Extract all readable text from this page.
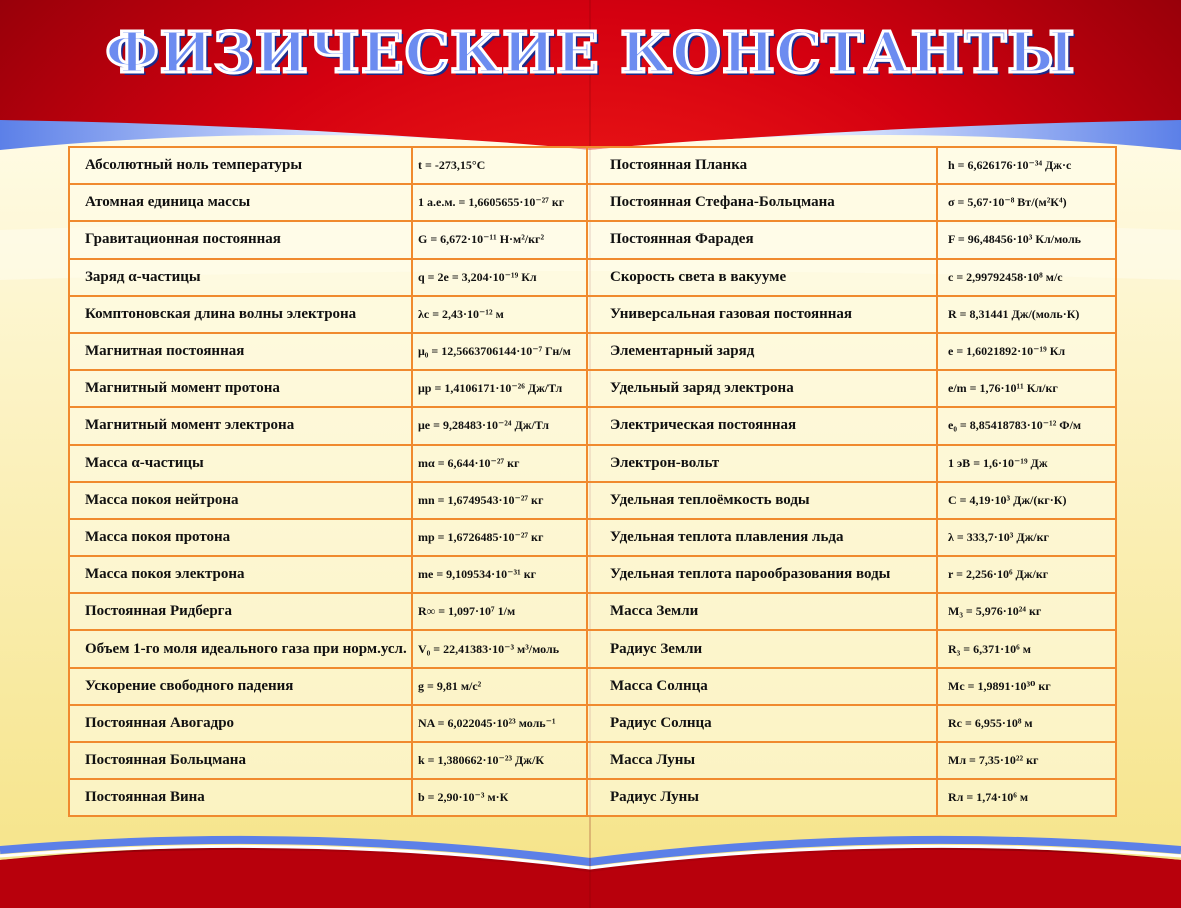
ФИЗИЧЕСКИЕ КОНСТАНТЫ
Абсолютный ноль температуры	t = -273,15°C	Постоянная Планка	h = 6,626176·10⁻³⁴ Дж·с
Атомная единица массы	1 а.е.м. = 1,6605655·10⁻²⁷ кг	Постоянная Стефана-Больцмана	σ = 5,67·10⁻⁸ Вт/(м²К⁴)
Гравитационная постоянная	G = 6,672·10⁻¹¹ Н·м²/кг²	Постоянная Фарадея	F = 96,48456·10³ Кл/моль
Заряд α-частицы	q = 2e = 3,204·10⁻¹⁹ Кл	Скорость света в вакууме	c = 2,99792458·10⁸ м/с
Комптоновская длина волны электрона	λc = 2,43·10⁻¹² м	Универсальная газовая постоянная	R = 8,31441 Дж/(моль·К)
Магнитная постоянная	μ₀ = 12,5663706144·10⁻⁷ Гн/м	Элементарный заряд	e = 1,6021892·10⁻¹⁹ Кл
Магнитный момент протона	μp = 1,4106171·10⁻²⁶ Дж/Тл	Удельный заряд электрона	e/m = 1,76·10¹¹ Кл/кг
Магнитный момент электрона	μe = 9,28483·10⁻²⁴ Дж/Тл	Электрическая постоянная	e₀ = 8,85418783·10⁻¹² Ф/м
Масса α-частицы	mα = 6,644·10⁻²⁷ кг	Электрон-вольт	1 эВ = 1,6·10⁻¹⁹ Дж
Масса покоя нейтрона	mn = 1,6749543·10⁻²⁷ кг	Удельная теплоёмкость воды	C = 4,19·10³ Дж/(кг·К)
Масса покоя протона	mp = 1,6726485·10⁻²⁷ кг	Удельная теплота плавления льда	λ = 333,7·10³ Дж/кг
Масса покоя электрона	me = 9,109534·10⁻³¹ кг	Удельная теплота парообразования воды	r = 2,256·10⁶ Дж/кг
Постоянная Ридберга	R∞ = 1,097·10⁷ 1/м	Масса Земли	M₃ = 5,976·10²⁴ кг
Объем 1-го моля идеального газа при норм.усл.	V₀ = 22,41383·10⁻³ м³/моль	Радиус Земли	R₃ = 6,371·10⁶ м
Ускорение свободного падения	g = 9,81 м/с²	Масса Солнца	Mc = 1,9891·10³⁰ кг
Постоянная Авогадро	NA = 6,022045·10²³ моль⁻¹	Радиус Солнца	Rc = 6,955·10⁸ м
Постоянная Больцмана	k = 1,380662·10⁻²³ Дж/К	Масса Луны	Mл = 7,35·10²² кг
Постоянная Вина	b = 2,90·10⁻³ м·К	Радиус Луны	Rл = 1,74·10⁶ м
